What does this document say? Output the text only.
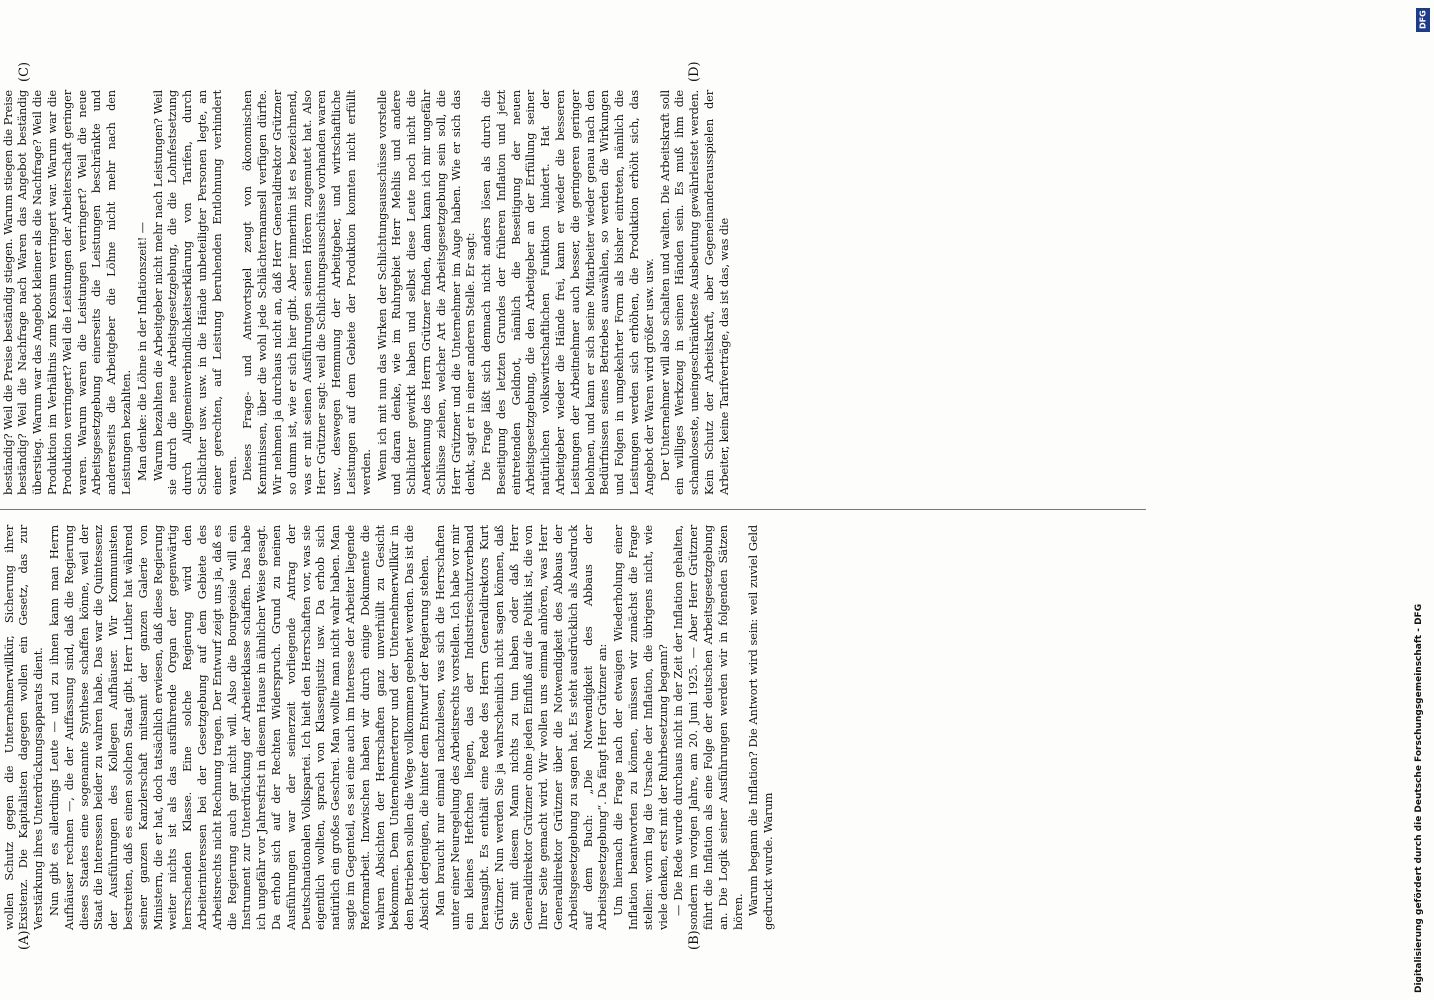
wollen Schutz gegen die Unternehmerwillkür, Sicherung ihrer Existenz. Die Kapitalisten dagegen wollen ein Gesetz, das zur Verstärkung ihres Unterdrückungsapparats dient. Nun gibt es allerdings Leute — und zu ihnen kann man Herrn Aufhäuser rechnen —, die der Auffassung sind, daß die Regierung dieses Staates eine sogenannte Synthese schaffen könne, weil der Staat die Interessen beider zu wahren habe. Das war die Quintessenz der Ausführungen des Kollegen Aufhäuser. Wir Kommunisten bestreiten, daß es einen solchen Staat gibt. Herr Luther hat während seiner ganzen Kanzlerschaft mitsamt der ganzen Galerie von Ministern, die er hat, doch tatsächlich erwiesen, daß diese Regierung weiter nichts ist als das ausführende Organ der gegenwärtig herrschenden Klasse. Eine solche Regierung wird den Arbeiterinteressen bei der Gesetzgebung auf dem Gebiete des Arbeitsrechts nicht Rechnung tragen. Der Entwurf zeigt uns ja, daß es die Regierung auch gar nicht will. Also die Bourgeoisie will ein Instrument zur Unterdrückung der Arbeiterklasse schaffen. Das habe ich ungefähr vor Jahresfrist in diesem Hause in ähnlicher Weise gesagt. Da erhob sich auf der Rechten Widerspruch. Grund zu meinen Ausführungen war der seinerzeit vorliegende Antrag der Deutschnationalen Volkspartei. Ich hielt den Herrschaften vor, was sie eigentlich wollten, sprach von Klassenjustiz usw. Da erhob sich natürlich ein großes Geschrei. Man wollte man nicht wahr haben. Man sagte im Gegenteil, es sei eine auch im Interesse der Arbeiter liegende Reformarbeit. Inzwischen haben wir durch einige Dokumente die wahren Absichten der Herrschaften ganz unverhüllt zu Gesicht bekommen. Dem Unternehmerterror und der Unternehmerwillkür in den Betrieben sollen die Wege vollkommen geebnet werden. Das ist die Absicht derjenigen, die hinter dem Entwurf der Regierung stehen. Man braucht nur einmal nachzulesen, was sich die Herrschaften unter einer Neuregelung des Arbeitsrechts vorstellen. Ich habe vor mir ein kleines Heftchen liegen, das der Industrieschutzverband herausgibt. Es enthält eine Rede des Herrn Generaldirektors Kurt Grützner. Nun werden Sie ja wahrscheinlich nicht sagen können, daß Sie mit diesem Mann nichts zu tun haben oder daß Herr Generaldirektor Grützner ohne jeden Einfluß auf die Politik ist, die von Ihrer Seite gemacht wird. Wir wollen uns einmal anhören, was Herr Generaldirektor Grützner über die Notwendigkeit des Abbaus der Arbeitsgesetzgebung zu sagen hat. Es steht ausdrücklich als Ausdruck auf dem Buch: „Die Notwendigkeit des Abbaus der Arbeitsgesetzgebung“. Da fängt Herr Grützner an: Um hiernach die Frage nach der etwaigen Wiederholung einer Inflation beantworten zu können, müssen wir zunächst die Frage stellen: worin lag die Ursache der Inflation, die übrigens nicht, wie viele denken, erst mit der Ruhrbesetzung begann? — Die Rede wurde durchaus nicht in der Zeit der Inflation gehalten, sondern im vorigen Jahre, am 20. Juni 1925. — Aber Herr Grützner führt die Inflation als eine Folge der deutschen Arbeitsgesetzgebung an. Die Logik seiner Ausführungen werden wir in folgenden Sätzen hören. Warum begann die Inflation? Die Antwort wird sein: weil zuviel Geld gedruckt wurde. Warum

beständig? Weil die Preise beständig stiegen. Warum stiegen die Preise beständig? Weil die Nachfrage nach Waren das Angebot beständig überstieg. Warum war das Angebot kleiner als die Nachfrage? Weil die Produktion im Verhältnis zum Konsum verringert war. Warum war die Produktion verringert? Weil die Leistungen der Arbeiterschaft geringer waren. Warum waren die Leistungen verringert? Weil die neue Arbeitsgesetzgebung einerseits die Leistungen beschränkte und andererseits die Arbeitgeber die Löhne nicht mehr nach den Leistungen bezahlten. Man denke: die Löhne in der Inflationszeit! — Warum bezahlten die Arbeitgeber nicht mehr nach Leistungen? Weil sie durch die neue Arbeitsgesetzgebung, die die Lohnfestsetzung durch Allgemeinverbindlichkeitserklärung von Tarifen, durch Schlichter usw. usw. in die Hände unbeteiligter Personen legte, an einer gerechten, auf Leistung beruhenden Entlohnung verhindert waren. Dieses Frage- und Antwortspiel zeugt von ökonomischen Kenntnissen, über die wohl jede Schlächtermamsell verfügen dürfte. Wir nehmen ja durchaus nicht an, daß Herr Generaldirektor Grützner so dumm ist, wie er sich hier gibt. Aber immerhin ist es bezeichnend, was er mit seinen Ausführungen seinen Hörern zugemutet hat. Also Herr Grützner sagt: weil die Schlichtungsausschüsse vorhanden waren usw., deswegen Hemmung der Arbeitgeber, und wirtschaftliche Leistungen auf dem Gebiete der Produktion konnten nicht erfüllt werden. Wenn ich mit nun das Wirken der Schlichtungsausschüsse vorstelle und daran denke, wie im Ruhrgebiet Herr Mehlis und andere Schlichter gewirkt haben und selbst diese Leute noch nicht die Anerkennung des Herrn Grützner finden, dann kann ich mir ungefähr Schlüsse ziehen, welcher Art die Arbeitsgesetzgebung sein soll, die Herr Grützner und die Unternehmer im Auge haben. Wie er sich das denkt, sagt er in einer anderen Stelle. Er sagt: Die Frage läßt sich demnach nicht anders lösen als durch die Beseitigung des letzten Grundes der früheren Inflation und jetzt eintretenden Geldnot, nämlich die Beseitigung der neuen Arbeitsgesetzgebung, die den Arbeitgeber an der Erfüllung seiner natürlichen volkswirtschaftlichen Funktion hindert. Hat der Arbeitgeber wieder die Hände frei, kann er wieder die besseren Leistungen der Arbeitnehmer auch besser, die geringeren geringer belohnen, und kann er sich seine Mitarbeiter wieder genau nach den Bedürfnissen seines Betriebes auswählen, so werden die Wirkungen und Folgen in umgekehrter Form als bisher eintreten, nämlich die Leistungen werden sich erhöhen, die Produktion erhöht sich, das Angebot der Waren wird größer usw. usw. Der Unternehmer will also schalten und walten. Die Arbeitskraft soll ein williges Werkzeug in seinen Händen sein. Es muß ihm die schamloseste, uneingeschränkteste Ausbeutung gewährleistet werden. Kein Schutz der Arbeitskraft, aber Gegeneinanderausspielen der Arbeiter, keine Tarifverträge, das ist das, was die

(A)	(B)
(C)	(D)
Digitalisierung gefördert durch die Deutsche Forschungsgemeinschaft - DFG
DFG
